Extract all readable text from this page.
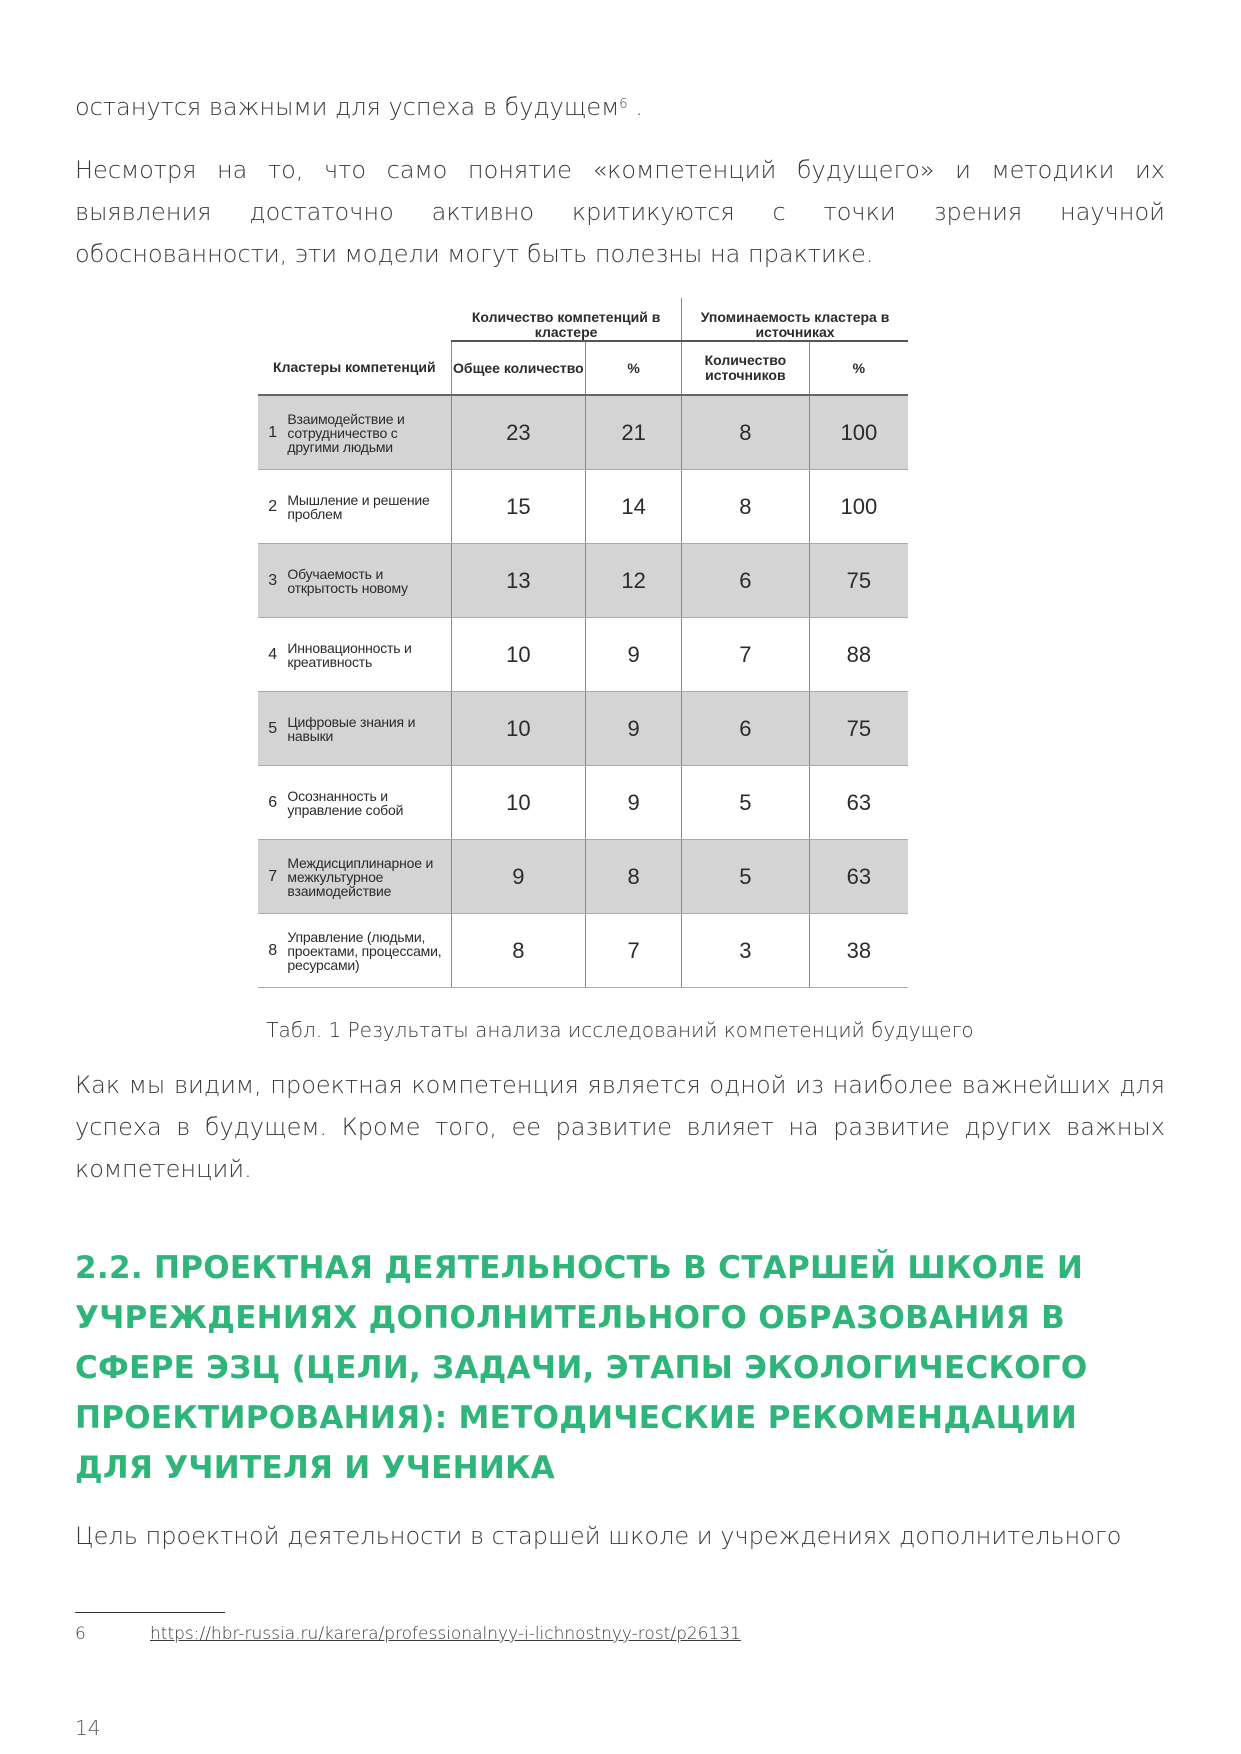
останутся важными для успеха в будущем$^6$ .

Несмотря на то, что само понятие «компетенций будущего» и методики их выявления достаточно активно критикуются с точки зрения научной обоснованности, эти модели могут быть полезны на практике.

		Количество компетенций в кластере		Упоминаемость кластера в источниках	
Кластеры компетенций		Общее количество	%	Количество источников	%
1	Взаимодействие и сотрудничество с другими людьми	23	21	8	100
2	Мышление и решение проблем	15	14	8	100
3	Обучаемость и открытость новому	13	12	6	75
4	Инновационность и креативность	10	9	7	88
5	Цифровые знания и навыки	10	9	6	75
6	Осознанность и управление собой	10	9	5	63
7	Междисциплинарное и межкультурное взаимодействие	9	8	5	63
8	Управление (людьми, проектами, процессами, ресурсами)	8	7	3	38
Табл. 1 Результаты анализа исследований компетенций будущего

Как мы видим, проектная компетенция является одной из наиболее важнейших для успеха в будущем. Кроме того, ее развитие влияет на развитие других важных компетенций.

2.2. ПРОЕКТНАЯ ДЕЯТЕЛЬНОСТЬ В СТАРШЕЙ ШКОЛЕ И УЧРЕЖДЕНИЯХ ДОПОЛНИТЕЛЬНОГО ОБРАЗОВАНИЯ В СФЕРЕ ЭЗЦ (ЦЕЛИ, ЗАДАЧИ, ЭТАПЫ ЭКОЛОГИЧЕСКОГО ПРОЕКТИРОВАНИЯ): МЕТОДИЧЕСКИЕ РЕКОМЕНДАЦИИ ДЛЯ УЧИТЕЛЯ И УЧЕНИКА

Цель проектной деятельности в старшей школе и учреждениях дополнительного

6	https://hbr-russia.ru/karera/professionalnyy-i-lichnostnyy-rost/p26131
14
